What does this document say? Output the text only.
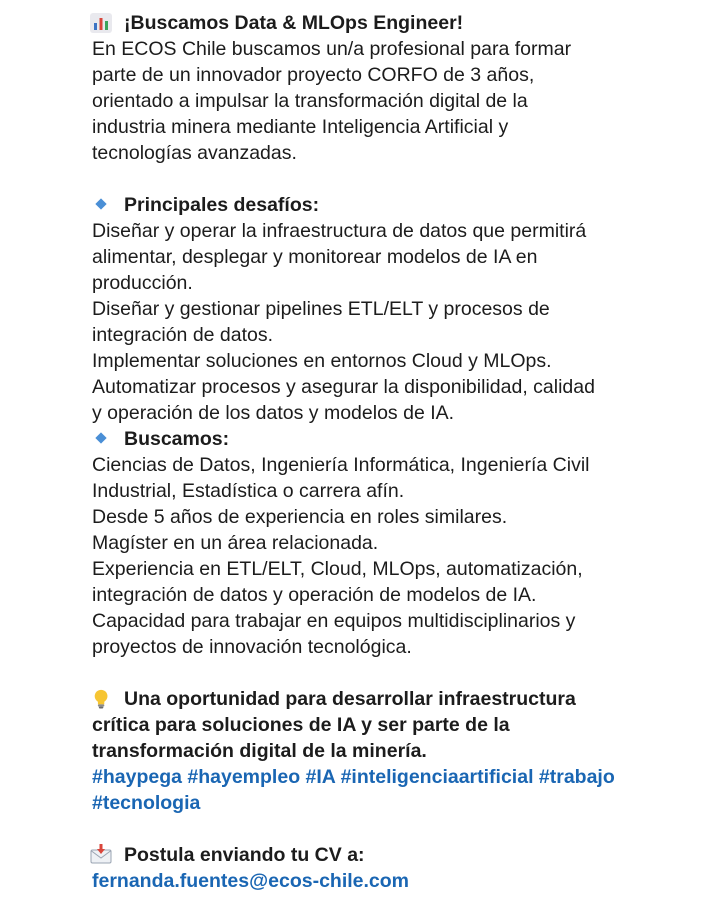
¡Buscamos Data & MLOps Engineer!
En ECOS Chile buscamos un/a profesional para formar
parte de un innovador proyecto CORFO de 3 años,
orientado a impulsar la transformación digital de la
industria minera mediante Inteligencia Artificial y
tecnologías avanzadas.
Principales desafíos:
Diseñar y operar la infraestructura de datos que permitirá
alimentar, desplegar y monitorear modelos de IA en
producción.
Diseñar y gestionar pipelines ETL/ELT y procesos de
integración de datos.
Implementar soluciones en entornos Cloud y MLOps.
Automatizar procesos y asegurar la disponibilidad, calidad
y operación de los datos y modelos de IA.
Buscamos:
Ciencias de Datos, Ingeniería Informática, Ingeniería Civil
Industrial, Estadística o carrera afín.
Desde 5 años de experiencia en roles similares.
Magíster en un área relacionada.
Experiencia en ETL/ELT, Cloud, MLOps, automatización,
integración de datos y operación de modelos de IA.
Capacidad para trabajar en equipos multidisciplinarios y
proyectos de innovación tecnológica.
Una oportunidad para desarrollar infraestructura
crítica para soluciones de IA y ser parte de la
transformación digital de la minería.
#haypega #hayempleo #IA #inteligenciaartificial #trabajo
#tecnologia
Postula enviando tu CV a:
fernanda.fuentes@ecos-chile.com
